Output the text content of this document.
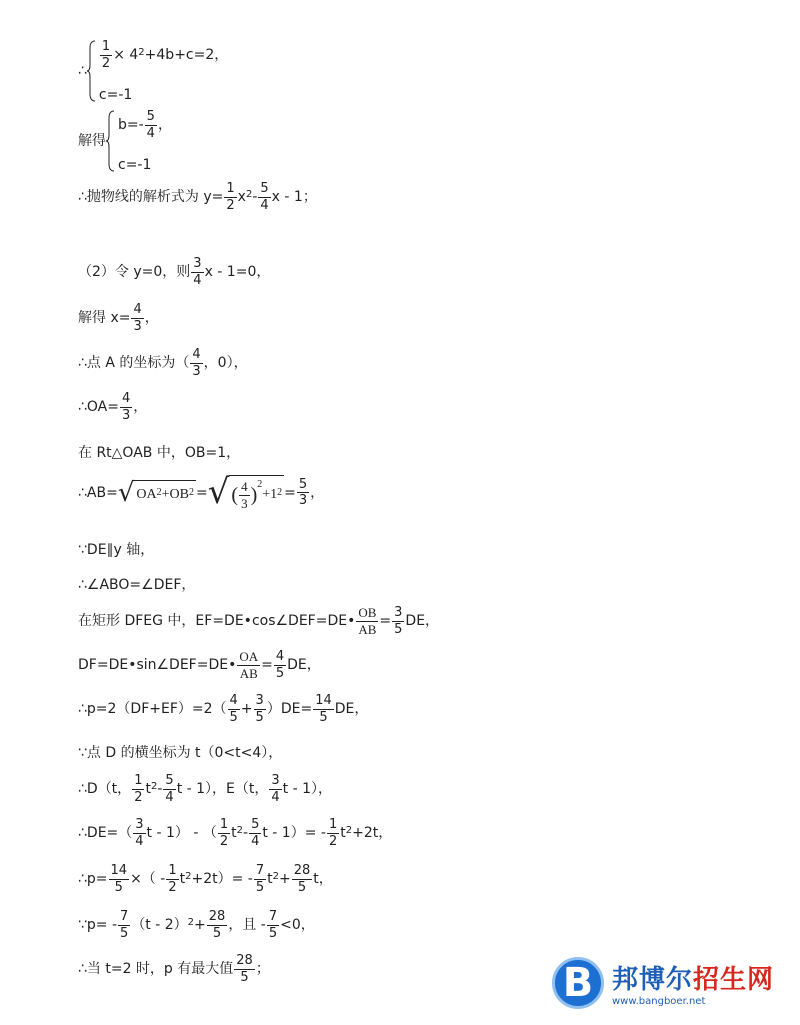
∴
$\frac{1}{2} \times 4^2 +4b+c=2$ ，
c=-1
解得
$b=- \frac{5}{4}$ ，
c=-1
∴抛物线的解析式为 $y= \frac{1}{2} x^2 - \frac{5}{4}$ x - 1；
（2）令 y=0，则 $\frac{3}{4}$ x - 1=0，
解得 $x= \frac{4}{3}$ ，
∴点 A 的坐标为（ $\frac{4}{3}$ ，0），
∴OA= $\frac{4}{3}$ ，
在 Rt△OAB 中，OB=1，
∴AB= √ $OA^2 +OB^2$ = √ ( $\frac{4}{3} )^2$
$+1^2 = \frac{5}{3}$ ，
∵DE∥y 轴，
∴∠ABO=∠DEF，
在矩形 DFEG 中，EF=DE•cos∠DEF=DE• $\frac{OB}{AB} = \frac{3}{5}$ DE，
DF=DE•sin∠DEF=DE• $\frac{OA}{AB} = \frac{4}{5}$ DE，
∴p=2（DF+EF）=2（ $\frac{4}{5} + \frac{3}{5} )DE= \frac{14}{5}$ DE，
∵点 D 的横坐标为 t（0<t<4），
∴D（t， $\frac{1}{2} t^2 - \frac{5}{4}$ t - 1），E（t， $\frac{3}{4}$ t - 1），
∴DE=（ $\frac{3}{4}$ t - 1） - （ $\frac{1}{2} t^2 - \frac{5}{4}$ $t - 1)= - \frac{1}{2} t^2 +2t$，
∴p= $\frac{14}{5}$ ×（ - $\frac{1}{2} t^2 +2t)= - \frac{7}{5} t^2 + \frac{28}{5}$ t，
∵p= - $\frac{7}{5} (t - 2)^2 + \frac{28}{5}$ ，且 - $\frac{7}{5} <0$，
∴当 t=2 时，p 有最大值 $\frac{28}{5}$ ；	B 邦博尔招生网
www.bangboer.net
